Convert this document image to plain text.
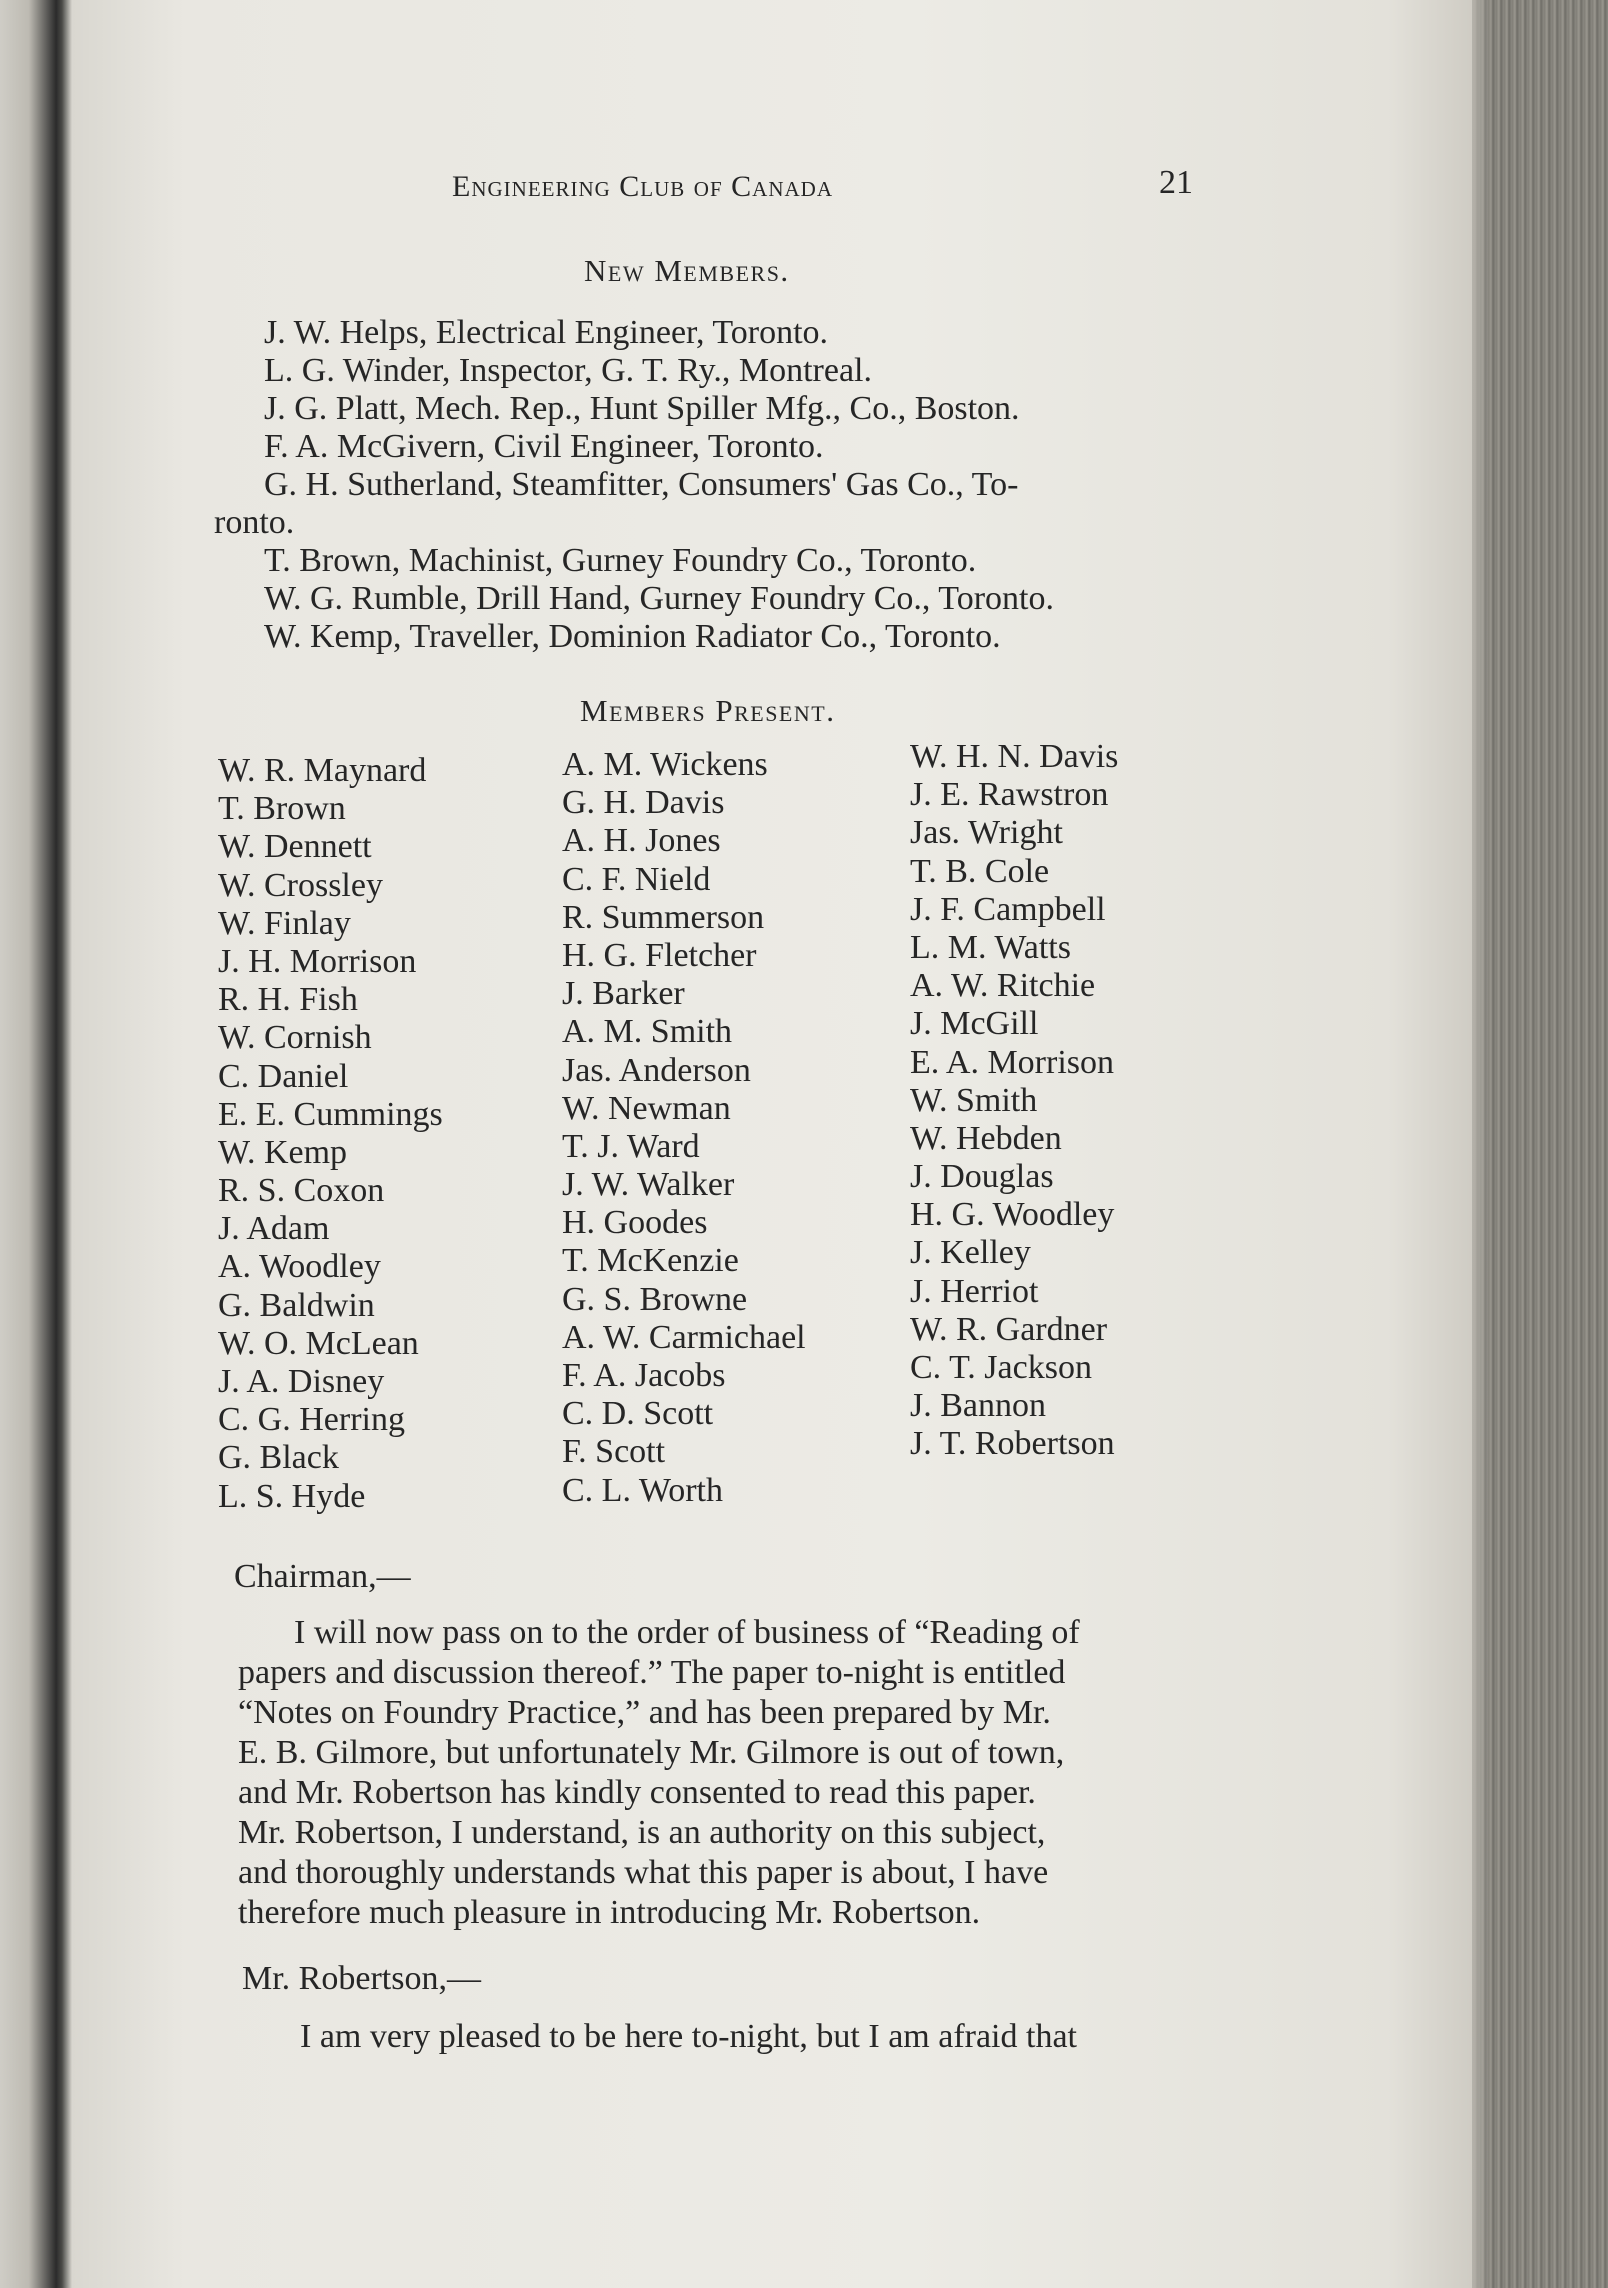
Engineering Club of Canada	21
New Members.
J. W. Helps, Electrical Engineer, Toronto.
L. G. Winder, Inspector, G. T. Ry., Montreal.
J. G. Platt, Mech. Rep., Hunt Spiller Mfg., Co., Boston.
F. A. McGivern, Civil Engineer, Toronto.
G. H. Sutherland, Steamfitter, Consumers' Gas Co., To-
ronto.
T. Brown, Machinist, Gurney Foundry Co., Toronto.
W. G. Rumble, Drill Hand, Gurney Foundry Co., Toronto.
W. Kemp, Traveller, Dominion Radiator Co., Toronto.
Members Present.
W. R. Maynard
T. Brown
W. Dennett
W. Crossley
W. Finlay
J. H. Morrison
R. H. Fish
W. Cornish
C. Daniel
E. E. Cummings
W. Kemp
R. S. Coxon
J. Adam
A. Woodley
G. Baldwin
W. O. McLean
J. A. Disney
C. G. Herring
G. Black
L. S. Hyde
A. M. Wickens
G. H. Davis
A. H. Jones
C. F. Nield
R. Summerson
H. G. Fletcher
J. Barker
A. M. Smith
Jas. Anderson
W. Newman
T. J. Ward
J. W. Walker
H. Goodes
T. McKenzie
G. S. Browne
A. W. Carmichael
F. A. Jacobs
C. D. Scott
F. Scott
C. L. Worth
W. H. N. Davis
J. E. Rawstron
Jas. Wright
T. B. Cole
J. F. Campbell
L. M. Watts
A. W. Ritchie
J. McGill
E. A. Morrison
W. Smith
W. Hebden
J. Douglas
H. G. Woodley
J. Kelley
J. Herriot
W. R. Gardner
C. T. Jackson
J. Bannon
J. T. Robertson
Chairman,—
I will now pass on to the order of business of “Reading of
papers and discussion thereof.” The paper to-night is entitled
“Notes on Foundry Practice,” and has been prepared by Mr.
E. B. Gilmore, but unfortunately Mr. Gilmore is out of town,
and Mr. Robertson has kindly consented to read this paper.
Mr. Robertson, I understand, is an authority on this subject,
and thoroughly understands what this paper is about, I have
therefore much pleasure in introducing Mr. Robertson.
Mr. Robertson,—
I am very pleased to be here to-night, but I am afraid that
